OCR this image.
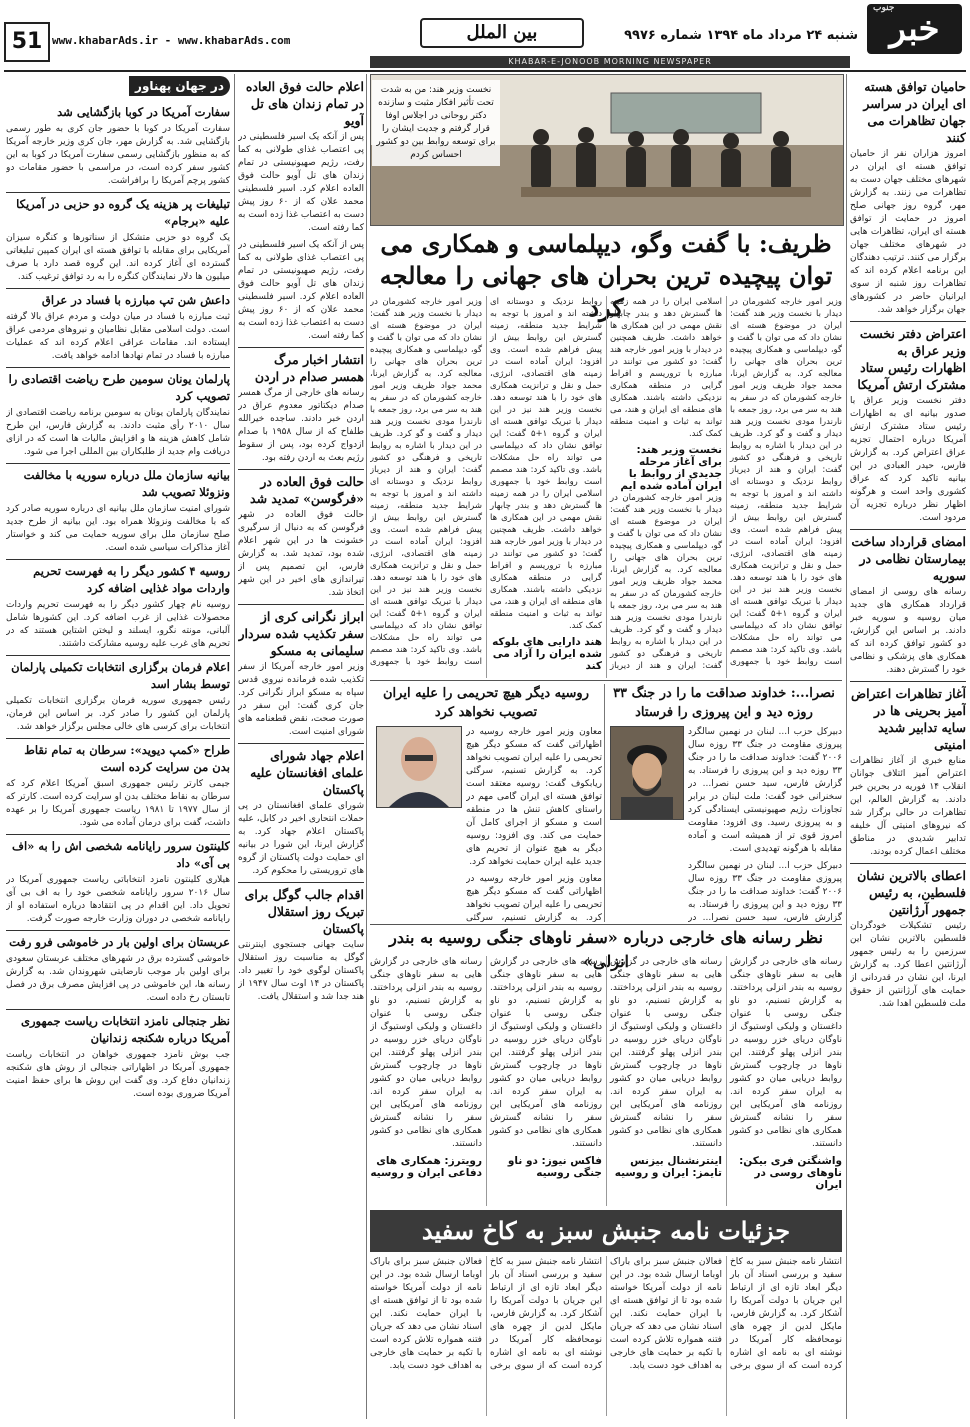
خبر
جنوب
شنبه ۲۴ مرداد ماه ۱۳۹۴ شماره ۹۹۷۶
بین الملل
www.khabarAds.ir - www.khabarAds.com
51
KHABAR-E-JONOOB MORNING NEWSPAPER
حامیان توافق هسته ای ایران در سراسر جهان تظاهرات می کنند

امروز هزاران نفر از حامیان توافق هسته ای ایران در شهرهای مختلف جهان دست به تظاهرات می زنند. به گزارش مهر، گروه روز جهانی صلح امروز در حمایت از توافق هسته ای ایران، تظاهرات هایی در شهرهای مختلف جهان برگزار می کنند. ترتیب دهندگان این برنامه اعلام کرده اند که تظاهرات روز شنبه از سوی ایرانیان حاضر در کشورهای جهان برگزار خواهد شد.

اعتراض دفتر نخست وزیر عراق به اظهارات رئیس ستاد مشترک ارتش آمریکا

دفتر نخست وزیر عراق با صدور بیانیه ای به اظهارات رئیس ستاد مشترک ارتش آمریکا درباره احتمال تجزیه عراق اعتراض کرد. به گزارش فارس، حیدر العبادی در این بیانیه تاکید کرد که عراق کشوری واحد است و هرگونه اظهار نظر درباره تجزیه آن مردود است.

امضای قرارداد ساخت بیمارستان نظامی در سوریه

رسانه های روسی از امضای قرارداد همکاری های جدید میان روسیه و سوریه خبر دادند. بر اساس این گزارش، دو کشور توافق کرده اند که همکاری های پزشکی و نظامی خود را گسترش دهند.

آغاز تظاهرات اعتراض آمیز بحرینی ها در سایه تدابیر شدید امنیتی

منابع خبری از آغاز تظاهرات اعتراض آمیز ائتلاف جوانان انقلاب ۱۴ فوریه در بحرین خبر دادند. به گزارش العالم، این تظاهرات در حالی برگزار شد که نیروهای امنیتی آل خلیفه تدابیر شدیدی در مناطق مختلف اعمال کرده بودند.

اعطای بالاترین نشان فلسطین، به رئیس جمهور آرژانتین

رئیس تشکیلات خودگردان فلسطین بالاترین نشان این سرزمین را به رئیس جمهور آرژانتین اعطا کرد. به گزارش ایرنا، این نشان در قدردانی از حمایت های آرژانتین از حقوق ملت فلسطین اهدا شد.

نخست وزیر هند: من به شدت تحت تأثیر افکار مثبت و سازنده دکتر روحانی در اجلاس اوفا قرار گرفتم و جدیت ایشان را برای توسعه روابط بین دو کشور احساس کردم
ظریف: با گفت وگو، دیپلماسی و همکاری می توان پیچیده ترین بحران های جهانی را معالجه کرد	وزیر امور خارجه کشورمان در دیدار با نخست وزیر هند گفت: ایران در موضوع هسته ای نشان داد که می توان با گفت و گو، دیپلماسی و همکاری پیچیده ترین بحران های جهانی را معالجه کرد. به گزارش ایرنا، محمد جواد ظریف وزیر امور خارجه کشورمان که در سفر به هند به سر می برد، روز جمعه با نارندرا مودی نخست وزیر هند دیدار و گفت و گو کرد. ظریف در این دیدار با اشاره به روابط تاریخی و فرهنگی دو کشور گفت: ایران و هند از دیرباز روابط نزدیک و دوستانه ای داشته اند و امروز با توجه به شرایط جدید منطقه، زمینه گسترش این روابط بیش از پیش فراهم شده است. وی افزود: ایران آماده است در زمینه های اقتصادی، انرژی، حمل و نقل و ترانزیت همکاری های خود را با هند توسعه دهد. نخست وزیر هند نیز در این دیدار با تبریک توافق هسته ای ایران و گروه ۱+۵ گفت: این توافق نشان داد که دیپلماسی می تواند راه حل مشکلات باشد. وی تاکید کرد: هند مصمم است روابط خود با جمهوری اسلامی ایران را در همه زمینه ها گسترش دهد و بندر چابهار نقش مهمی در این همکاری ها خواهد داشت. ظریف همچنین در دیدار با وزیر امور خارجه هند گفت: دو کشور می توانند در مبارزه با تروریسم و افراط گرایی در منطقه همکاری نزدیکی داشته باشند. همکاری های منطقه ای ایران و هند، می تواند به ثبات و امنیت منطقه کمک کند.

نخست وزیر هند: برای آغاز مرحله جدیدی از روابط با ایران آماده شده ایم

وزیر امور خارجه کشورمان در دیدار با نخست وزیر هند گفت: ایران در موضوع هسته ای نشان داد که می توان با گفت و گو، دیپلماسی و همکاری پیچیده ترین بحران های جهانی را معالجه کرد. به گزارش ایرنا، محمد جواد ظریف وزیر امور خارجه کشورمان که در سفر به هند به سر می برد، روز جمعه با نارندرا مودی نخست وزیر هند دیدار و گفت و گو کرد. ظریف در این دیدار با اشاره به روابط تاریخی و فرهنگی دو کشور گفت: ایران و هند از دیرباز روابط نزدیک و دوستانه ای داشته اند و امروز با توجه به شرایط جدید منطقه، زمینه گسترش این روابط بیش از پیش فراهم شده است. وی افزود: ایران آماده است در زمینه های اقتصادی، انرژی، حمل و نقل و ترانزیت همکاری های خود را با هند توسعه دهد. نخست وزیر هند نیز در این دیدار با تبریک توافق هسته ای ایران و گروه ۱+۵ گفت: این توافق نشان داد که دیپلماسی می تواند راه حل مشکلات باشد. وی تاکید کرد: هند مصمم است روابط خود با جمهوری اسلامی ایران را در همه زمینه ها گسترش دهد و بندر چابهار نقش مهمی در این همکاری ها خواهد داشت. ظریف همچنین در دیدار با وزیر امور خارجه هند گفت: دو کشور می توانند در مبارزه با تروریسم و افراط گرایی در منطقه همکاری نزدیکی داشته باشند. همکاری های منطقه ای ایران و هند، می تواند به ثبات و امنیت منطقه کمک کند.

هند دارایی های بلوکه شده ایران را آزاد می کند

وزیر امور خارجه کشورمان در دیدار با نخست وزیر هند گفت: ایران در موضوع هسته ای نشان داد که می توان با گفت و گو، دیپلماسی و همکاری پیچیده ترین بحران های جهانی را معالجه کرد. به گزارش ایرنا، محمد جواد ظریف وزیر امور خارجه کشورمان که در سفر به هند به سر می برد، روز جمعه با نارندرا مودی نخست وزیر هند دیدار و گفت و گو کرد. ظریف در این دیدار با اشاره به روابط تاریخی و فرهنگی دو کشور گفت: ایران و هند از دیرباز روابط نزدیک و دوستانه ای داشته اند و امروز با توجه به شرایط جدید منطقه، زمینه گسترش این روابط بیش از پیش فراهم شده است. وی افزود: ایران آماده است در زمینه های اقتصادی، انرژی، حمل و نقل و ترانزیت همکاری های خود را با هند توسعه دهد. نخست وزیر هند نیز در این دیدار با تبریک توافق هسته ای ایران و گروه ۱+۵ گفت: این توافق نشان داد که دیپلماسی می تواند راه حل مشکلات باشد. وی تاکید کرد: هند مصمم است روابط خود با جمهوری

نصرا...: خداوند صداقت ما را در جنگ ۳۳ روزه دید و این پیروزی را فرستاد

دبیرکل حزب ا... لبنان در نهمین سالگرد پیروزی مقاومت در جنگ ۳۳ روزه سال ۲۰۰۶ گفت: خداوند صداقت ما را در جنگ ۳۳ روزه دید و این پیروزی را فرستاد. به گزارش فارس، سید حسن نصرا... در سخنرانی خود گفت: ملت لبنان در برابر تجاوزات رژیم صهیونیستی ایستادگی کرد و به پیروزی رسید. وی افزود: مقاومت امروز قوی تر از همیشه است و آماده مقابله با هرگونه تهدیدی است.

دبیرکل حزب ا... لبنان در نهمین سالگرد پیروزی مقاومت در جنگ ۳۳ روزه سال ۲۰۰۶ گفت: خداوند صداقت ما را در جنگ ۳۳ روزه دید و این پیروزی را فرستاد. به گزارش فارس، سید حسن نصرا... در

روسیه دیگر هیچ تحریمی را علیه ایران تصویب نخواهد کرد

معاون وزیر امور خارجه روسیه در اظهاراتی گفت که مسکو دیگر هیچ تحریمی را علیه ایران تصویب نخواهد کرد. به گزارش تسنیم، سرگئی ریابکوف گفت: روسیه معتقد است توافق هسته ای ایران گامی مهم در راستای کاهش تنش ها در منطقه است و مسکو از اجرای کامل آن حمایت می کند. وی افزود: روسیه دیگر به هیچ عنوان از تحریم های جدید علیه ایران حمایت نخواهد کرد.

معاون وزیر امور خارجه روسیه در اظهاراتی گفت که مسکو دیگر هیچ تحریمی را علیه ایران تصویب نخواهد کرد. به گزارش تسنیم، سرگئی

نظر رسانه های خارجی درباره «سفر ناوهای جنگی روسیه به بندر انزلی»	رسانه های خارجی در گزارش هایی به سفر ناوهای جنگی روسیه به بندر انزلی پرداختند. به گزارش تسنیم، دو ناو جنگی روسی با عنوان داغستان و ولیکی اوستیوگ از ناوگان دریای خزر روسیه در بندر انزلی پهلو گرفتند. این ناوها در چارچوب گسترش روابط دریایی میان دو کشور به ایران سفر کرده اند. روزنامه های آمریکایی این سفر را نشانه گسترش همکاری های نظامی دو کشور دانستند.

واشنگتن فری بیکن: ناوهای روسی در ایران

رسانه های خارجی در گزارش هایی به سفر ناوهای جنگی روسیه به بندر انزلی پرداختند. به گزارش تسنیم، دو ناو جنگی روسی با عنوان داغستان و ولیکی اوستیوگ از ناوگان دریای خزر روسیه در بندر انزلی پهلو گرفتند. این ناوها در چارچوب گسترش روابط دریایی میان دو کشور به ایران سفر کرده اند. روزنامه های آمریکایی این سفر را نشانه گسترش همکاری های نظامی دو کشور دانستند.

اینترنشنال بیزنس تایمز: ایران و روسیه

رسانه های خارجی در گزارش هایی به سفر ناوهای جنگی روسیه به بندر انزلی پرداختند. به گزارش تسنیم، دو ناو جنگی روسی با عنوان داغستان و ولیکی اوستیوگ از ناوگان دریای خزر روسیه در بندر انزلی پهلو گرفتند. این ناوها در چارچوب گسترش روابط دریایی میان دو کشور به ایران سفر کرده اند. روزنامه های آمریکایی این سفر را نشانه گسترش همکاری های نظامی دو کشور دانستند.

فاکس نیوز: دو ناو جنگی روسیه

رسانه های خارجی در گزارش هایی به سفر ناوهای جنگی روسیه به بندر انزلی پرداختند. به گزارش تسنیم، دو ناو جنگی روسی با عنوان داغستان و ولیکی اوستیوگ از ناوگان دریای خزر روسیه در بندر انزلی پهلو گرفتند. این ناوها در چارچوب گسترش روابط دریایی میان دو کشور به ایران سفر کرده اند. روزنامه های آمریکایی این سفر را نشانه گسترش همکاری های نظامی دو کشور دانستند.

رویترز: همکاری های دفاعی ایران و روسیه
جزئیات نامه جنبش سبز به کاخ سفید

انتشار نامه جنبش سبز به کاخ سفید و بررسی اسناد آن بار دیگر ابعاد تازه ای از ارتباط این جریان با دولت آمریکا را آشکار کرد. به گزارش فارس، مایکل لدین از چهره های نومحافظه کار آمریکا در نوشته ای به نامه ای اشاره کرده است که از سوی برخی فعالان جنبش سبز برای باراک اوباما ارسال شده بود. در این نامه از دولت آمریکا خواسته شده بود تا از توافق هسته ای با ایران حمایت نکند. این اسناد نشان می دهد که جریان فتنه همواره تلاش کرده است با تکیه بر حمایت های خارجی به اهداف خود دست یابد.

انتشار نامه جنبش سبز به کاخ سفید و بررسی اسناد آن بار دیگر ابعاد تازه ای از ارتباط این جریان با دولت آمریکا را آشکار کرد. به گزارش فارس، مایکل لدین از چهره های نومحافظه کار آمریکا در نوشته ای به نامه ای اشاره کرده است که از سوی برخی فعالان جنبش سبز برای باراک اوباما ارسال شده بود. در این نامه از دولت آمریکا خواسته شده بود تا از توافق هسته ای با ایران حمایت نکند. این اسناد نشان می دهد که جریان فتنه همواره تلاش کرده است با تکیه بر حمایت های خارجی به اهداف خود دست یابد.

اعلام حالت فوق العاده در تمام زندان های تل آویو

پس از آنکه یک اسیر فلسطینی در پی اعتصاب غذای طولانی به کما رفت، رژیم صهیونیستی در تمام زندان های تل آویو حالت فوق العاده اعلام کرد. اسیر فلسطینی محمد علان که از ۶۰ روز پیش دست به اعتصاب غذا زده است به کما رفته است.

پس از آنکه یک اسیر فلسطینی در پی اعتصاب غذای طولانی به کما رفت، رژیم صهیونیستی در تمام زندان های تل آویو حالت فوق العاده اعلام کرد. اسیر فلسطینی محمد علان که از ۶۰ روز پیش دست به اعتصاب غذا زده است به کما رفته است.

انتشار اخبار مرگ همسر صدام در اردن

رسانه های خارجی از مرگ همسر صدام دیکتاتور معدوم عراق در اردن خبر دادند. ساجده خیرالله طلفاح که از سال ۱۹۵۸ با صدام ازدواج کرده بود، پس از سقوط رژیم بعث به اردن رفته بود.

حالت فوق العاده در «فرگوسن» تمدید شد

حالت فوق العاده در شهر فرگوسن که به دنبال از سرگیری خشونت ها در این شهر اعلام شده بود، تمدید شد. به گزارش فارس، این تصمیم پس از تیراندازی های اخیر در این شهر اتخاذ شد.

ابراز نگرانی کری از سفر تکذیب شده سردار سلیمانی به مسکو

وزیر امور خارجه آمریکا از سفر تکذیب شده فرمانده نیروی قدس سپاه به مسکو ابراز نگرانی کرد. جان کری گفت: این سفر در صورت صحت، نقض قطعنامه های شورای امنیت است.

اعلام جهاد شورای علمای افغانستان علیه پاکستان

شورای علمای افغانستان در پی حملات انتحاری اخیر در کابل، علیه پاکستان اعلام جهاد کرد. به گزارش ایرنا، این شورا در بیانیه ای حمایت دولت پاکستان از گروه های تروریستی را محکوم کرد.

اقدام جالب گوگل برای تبریک روز استقلال پاکستان

سایت جهانی جستجوی اینترنتی گوگل به مناسبت روز استقلال پاکستان لوگوی خود را تغییر داد. پاکستان در ۱۴ اوت سال ۱۹۴۷ از هند جدا شد و استقلال یافت.

در جهان پهناور
سفارت آمریکا در کوبا بازگشایی شد

سفارت آمریکا در کوبا با حضور جان کری به طور رسمی بازگشایی شد. به گزارش مهر، جان کری وزیر خارجه آمریکا که به منظور بازگشایی رسمی سفارت آمریکا در کوبا به این کشور سفر کرده است، در مراسمی با حضور مقامات دو کشور پرچم آمریکا را برافراشت.

تبلیغات پر هزینه یک گروه دو حزبی در آمریکا علیه «برجام»

یک گروه دو حزبی متشکل از سناتورها و کنگره سیزان آمریکایی برای مقابله با توافق هسته ای ایران کمپین تبلیغاتی گسترده ای آغاز کرده اند. این گروه قصد دارد با صرف میلیون ها دلار نمایندگان کنگره را به رد توافق ترغیب کند.

داعش شن تپ مبارزه با فساد در عراق

ثبت مبارزه با فساد در میان دولت و مردم عراق بالا گرفته است. دولت اسلامی مقابل نظامیان و نیروهای مردمی عراق ایستاده اند. مقامات عراقی اعلام کرده اند که عملیات مبارزه با فساد در تمام نهادها ادامه خواهد یافت.

پارلمان یونان سومین طرح ریاضت اقتصادی را تصویب کرد

نمایندگان پارلمان یونان به سومین برنامه ریاضت اقتصادی از سال ۲۰۱۰ رأی مثبت دادند. به گزارش فارس، این طرح شامل کاهش هزینه ها و افزایش مالیات ها است که در ازای دریافت وام جدید از طلبکاران بین المللی اجرا می شود.

بیانیه سازمان ملل درباره سوریه با مخالفت ونزوئلا تصویب شد

شورای امنیت سازمان ملل بیانیه ای درباره سوریه صادر کرد که با مخالفت ونزوئلا همراه بود. این بیانیه از طرح جدید صلح سازمان ملل برای سوریه حمایت می کند و خواستار آغاز مذاکرات سیاسی شده است.

روسیه ۴ کشور دیگر را به فهرست تحریم واردات مواد غذایی اضافه کرد

روسیه نام چهار کشور دیگر را به فهرست تحریم واردات محصولات غذایی از غرب اضافه کرد. این کشورها شامل آلبانی، مونته نگرو، ایسلند و لیختن اشتاین هستند که در تحریم های غرب علیه روسیه مشارکت داشتند.

اعلام فرمان برگزاری انتخابات تکمیلی پارلمان توسط بشار اسد

رئیس جمهوری سوریه فرمان برگزاری انتخابات تکمیلی پارلمان این کشور را صادر کرد. بر اساس این فرمان، انتخابات برای کرسی های خالی مجلس برگزار خواهد شد.

طراح «کمپ دیوید»: سرطان به تمام نقاط بدن من سرایت کرده است

جیمی کارتر رئیس جمهوری اسبق آمریکا اعلام کرد که سرطان به نقاط مختلف بدن او سرایت کرده است. کارتر که از سال ۱۹۷۷ تا ۱۹۸۱ ریاست جمهوری آمریکا را بر عهده داشت، گفت برای درمان آماده می شود.

کلینتون سرور رایانامه شخصی اش را به «اف بی آی» داد

هیلاری کلینتون نامزد انتخاباتی ریاست جمهوری آمریکا در سال ۲۰۱۶ سرور رایانامه شخصی خود را به اف بی آی تحویل داد. این اقدام در پی انتقادها درباره استفاده او از رایانامه شخصی در دوران وزارت خارجه صورت گرفت.

عربستان برای اولین بار در خاموشی فرو رفت

خاموشی گسترده برق در شهرهای مختلف عربستان سعودی برای اولین بار موجب نارضایتی شهروندان شد. به گزارش رسانه ها، این خاموشی در پی افزایش مصرف برق در فصل تابستان رخ داده است.

نظر جنجالی نامزد انتخابات ریاست جمهوری آمریکا درباره شکنجه زندانیان

جب بوش نامزد جمهوری خواهان در انتخابات ریاست جمهوری آمریکا در اظهاراتی جنجالی از روش های شکنجه زندانیان دفاع کرد. وی گفت این روش ها برای حفظ امنیت آمریکا ضروری بوده است.
